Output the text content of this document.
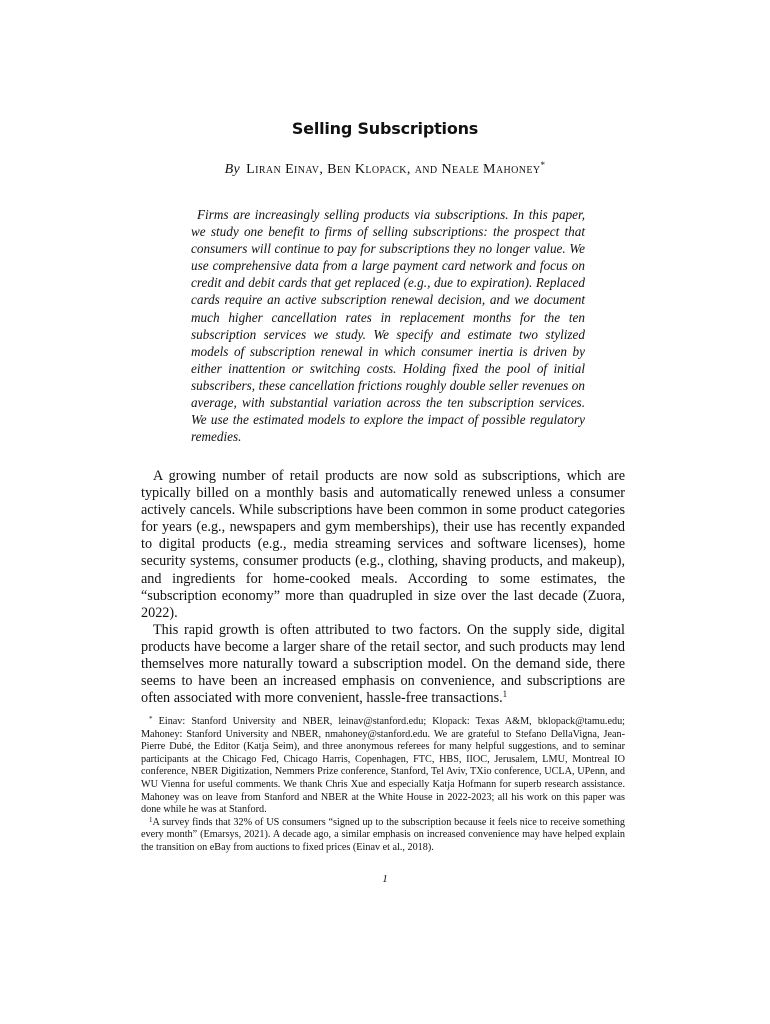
Selling Subscriptions
By Liran Einav, Ben Klopack, and Neale Mahoney*

Firms are increasingly selling products via subscriptions. In this paper, we study one benefit to firms of selling subscriptions: the prospect that consumers will continue to pay for subscriptions they no longer value. We use comprehensive data from a large payment card network and focus on credit and debit cards that get replaced (e.g., due to expiration). Replaced cards require an active subscription renewal decision, and we document much higher cancellation rates in replacement months for the ten subscription services we study. We specify and estimate two stylized models of subscription renewal in which consumer inertia is driven by either inattention or switching costs. Holding fixed the pool of initial subscribers, these cancellation frictions roughly double seller revenues on average, with substantial variation across the ten subscription services. We use the estimated models to explore the impact of possible regulatory remedies.

A growing number of retail products are now sold as subscriptions, which are typically billed on a monthly basis and automatically renewed unless a consumer actively cancels. While subscriptions have been common in some product categories for years (e.g., newspapers and gym memberships), their use has recently expanded to digital products (e.g., media streaming services and software licenses), home security systems, consumer products (e.g., clothing, shaving products, and makeup), and ingredients for home-cooked meals. According to some estimates, the “subscription economy” more than quadrupled in size over the last decade (Zuora, 2022).

This rapid growth is often attributed to two factors. On the supply side, digital products have become a larger share of the retail sector, and such products may lend themselves more naturally toward a subscription model. On the demand side, there seems to have been an increased emphasis on convenience, and subscriptions are often associated with more convenient, hassle-free transactions.$^1$

* Einav: Stanford University and NBER, leinav@stanford.edu; Klopack: Texas A&M, bklopack@tamu.edu; Mahoney: Stanford University and NBER, nmahoney@stanford.edu. We are grateful to Stefano DellaVigna, Jean-Pierre Dubé, the Editor (Katja Seim), and three anonymous referees for many helpful suggestions, and to seminar participants at the Chicago Fed, Chicago Harris, Copenhagen, FTC, HBS, IIOC, Jerusalem, LMU, Montreal IO conference, NBER Digitization, Nemmers Prize conference, Stanford, Tel Aviv, TXio conference, UCLA, UPenn, and WU Vienna for useful comments. We thank Chris Xue and especially Katja Hofmann for superb research assistance. Mahoney was on leave from Stanford and NBER at the White House in 2022-2023; all his work on this paper was done while he was at Stanford.

$^1$A survey finds that 32% of US consumers “signed up to the subscription because it feels nice to receive something every month” (Emarsys, 2021). A decade ago, a similar emphasis on increased convenience may have helped explain the transition on eBay from auctions to fixed prices (Einav et al., 2018).

1
